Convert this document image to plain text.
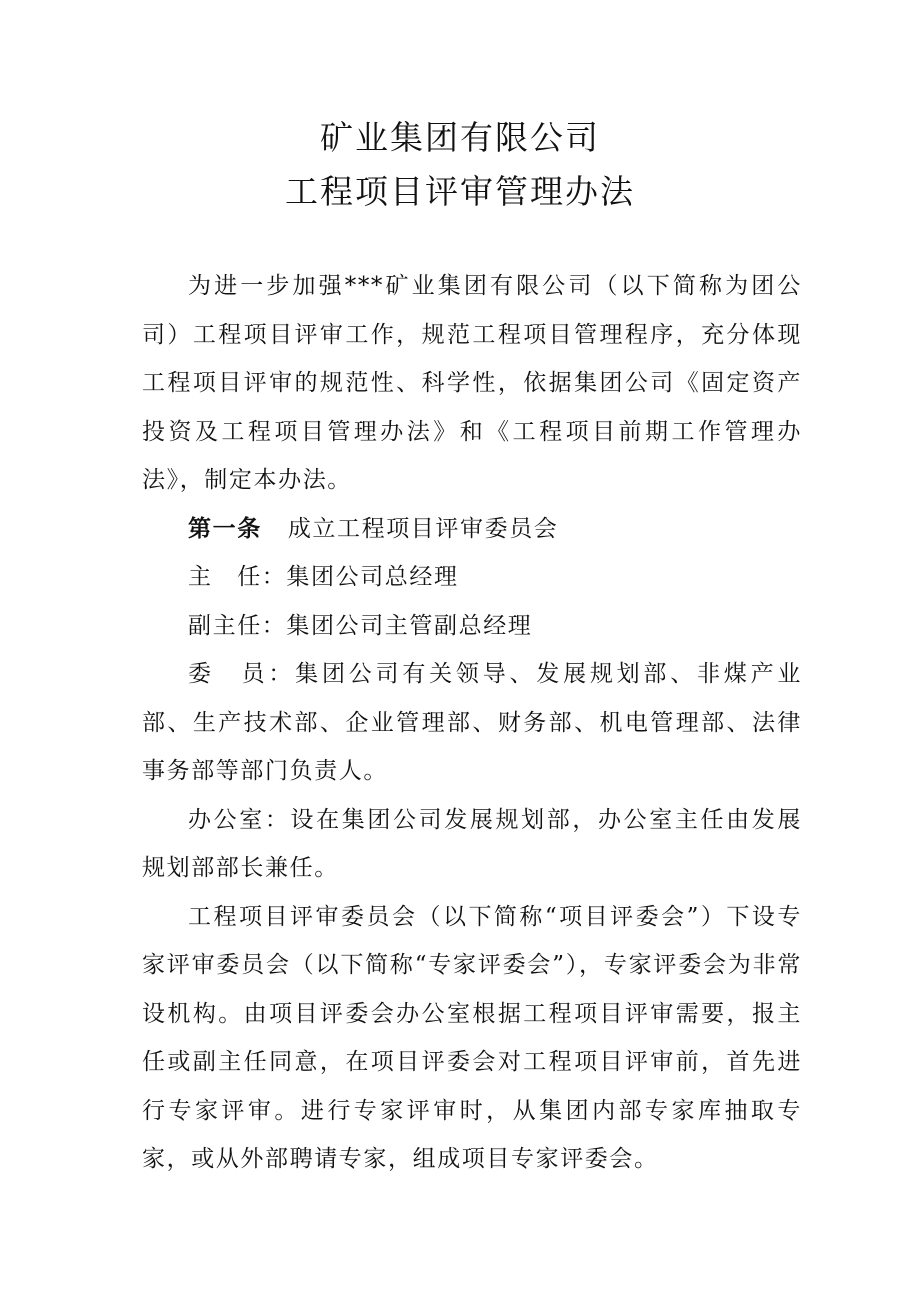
矿业集团有限公司
工程项目评审管理办法

为进一步加强***矿业集团有限公司（以下简称为团公司）工程项目评审工作，规范工程项目管理程序，充分体现工程项目评审的规范性、科学性，依据集团公司《固定资产投资及工程项目管理办法》和《工程项目前期工作管理办法》，制定本办法。

第一条 成立工程项目评审委员会

主　任：集团公司总经理

副主任：集团公司主管副总经理

委　员：集团公司有关领导、发展规划部、非煤产业部、生产技术部、企业管理部、财务部、机电管理部、法律事务部等部门负责人。

办公室：设在集团公司发展规划部，办公室主任由发展规划部部长兼任。

工程项目评审委员会（以下简称“项目评委会”）下设专家评审委员会（以下简称“专家评委会”），专家评委会为非常设机构。由项目评委会办公室根据工程项目评审需要，报主任或副主任同意，在项目评委会对工程项目评审前，首先进行专家评审。进行专家评审时，从集团内部专家库抽取专家，或从外部聘请专家，组成项目专家评委会。
